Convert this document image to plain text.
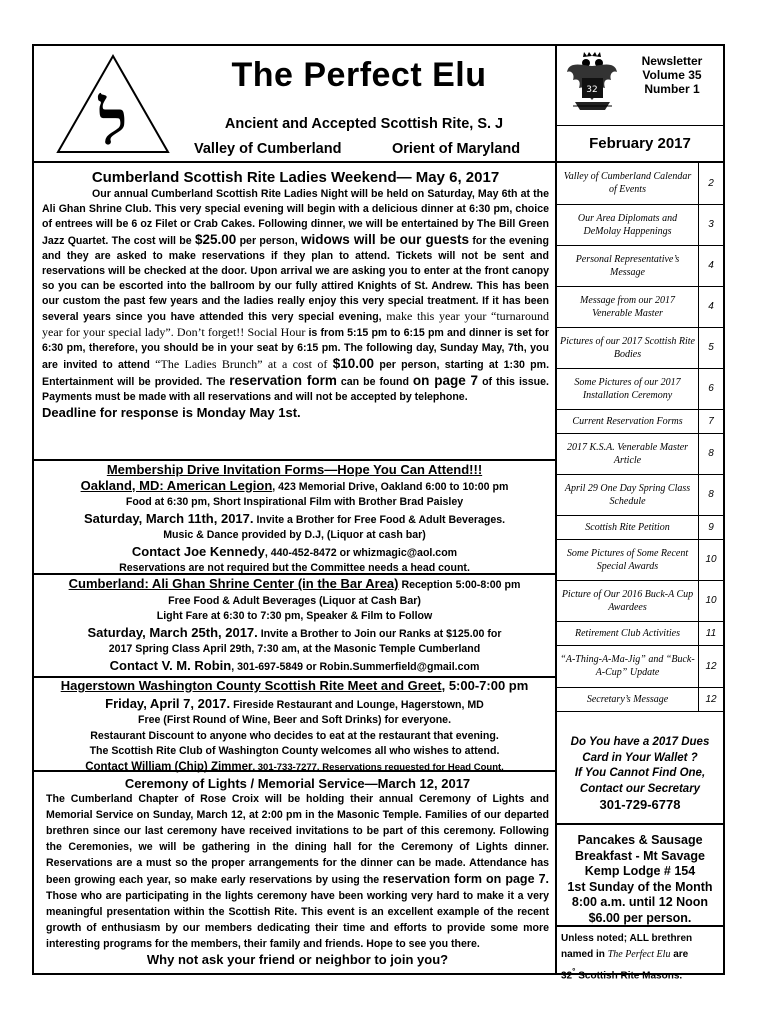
ל
The Perfect Elu
Ancient and Accepted Scottish Rite, S. J
Valley of Cumberland	Orient of Maryland
32
Newsletter
Volume 35
Number 1
February 2017

Cumberland Scottish Rite Ladies Weekend— May 6, 2017

Our annual Cumberland Scottish Rite Ladies Night will be held on Saturday, May 6th at the Ali Ghan Shrine Club. This very special evening will begin with a delicious dinner at 6:30 pm, choice of entrees will be 6 oz Filet or Crab Cakes. Following dinner, we will be entertained by The Bill Green Jazz Quartet. The cost will be $25.00 per person, widows will be our guests for the evening and they are asked to make reservations if they plan to attend. Tickets will not be sent and reservations will be checked at the door. Upon arrival we are asking you to enter at the front canopy so you can be escorted into the ballroom by our fully attired Knights of St. Andrew. This has been our custom the past few years and the ladies really enjoy this very special treatment. If it has been several years since you have attended this very special evening, make this year your “turnaround year for your special lady”. Don’t forget!! Social Hour is from 5:15 pm to 6:15 pm and dinner is set for 6:30 pm, therefore, you should be in your seat by 6:15 pm. The following day, Sunday May, 7th, you are invited to attend “The Ladies Brunch” at a cost of $10.00 per person, starting at 1:30 pm. Entertainment will be provided. The reservation form can be found on page 7 of this issue. Payments must be made with all reservations and will not be accepted by telephone.
Deadline for response is Monday May 1st.
Membership Drive Invitation Forms—Hope You Can Attend!!!
Oakland, MD: American Legion, 423 Memorial Drive, Oakland 6:00 to 10:00 pm
Food at 6:30 pm, Short Inspirational Film with Brother Brad Paisley
Saturday, March 11th, 2017. Invite a Brother for Free Food & Adult Beverages.
Music & Dance provided by D.J, (Liquor at cash bar)
Contact Joe Kennedy, 440-452-8472 or whizmagic@aol.com
Reservations are not required but the Committee needs a head count.
Cumberland: Ali Ghan Shrine Center (in the Bar Area) Reception 5:00-8:00 pm
Free Food & Adult Beverages (Liquor at Cash Bar)
Light Fare at 6:30 to 7:30 pm, Speaker & Film to Follow
Saturday, March 25th, 2017. Invite a Brother to Join our Ranks at $125.00 for
2017 Spring Class April 29th, 7:30 am, at the Masonic Temple Cumberland
Contact V. M. Robin, 301-697-5849 or Robin.Summerfield@gmail.com
Hagerstown Washington County Scottish Rite Meet and Greet, 5:00-7:00 pm
Friday, April 7, 2017. Fireside Restaurant and Lounge, Hagerstown, MD
Free (First Round of Wine, Beer and Soft Drinks) for everyone.
Restaurant Discount to anyone who decides to eat at the restaurant that evening.
The Scottish Rite Club of Washington County welcomes all who wishes to attend.
Contact William (Chip) Zimmer, 301-733-7277. Reservations requested for Head Count.
Ceremony of Lights / Memorial Service—March 12, 2017
The Cumberland Chapter of Rose Croix will be holding their annual Ceremony of Lights and Memorial Service on Sunday, March 12, at 2:00 pm in the Masonic Temple. Families of our departed brethren since our last ceremony have received invitations to be part of this ceremony. Following the Ceremonies, we will be gathering in the dining hall for the Ceremony of Lights dinner. Reservations are a must so the proper arrangements for the dinner can be made. Attendance has been growing each year, so make early reservations by using the reservation form on page 7. Those who are participating in the lights ceremony have been working very hard to make it a very meaningful presentation within the Scottish Rite. This event is an excellent example of the recent growth of enthusiasm by our members dedicating their time and efforts to provide some more interesting programs for the members, their family and friends. Hope to see you there.
Why not ask your friend or neighbor to join you?
Valley of Cumberland Calendar of Events	2
Our Area Diplomats and DeMolay Happenings	3
Personal Representative’s Message	4
Message from our 2017 Venerable Master	4
Pictures of our 2017 Scottish Rite Bodies	5
Some Pictures of our 2017 Installation Ceremony	6
Current Reservation Forms	7
2017 K.S.A. Venerable Master Article	8
April 29 One Day Spring Class Schedule	8
Scottish Rite Petition	9
Some Pictures of Some Recent Special Awards	10
Picture of Our 2016 Buck-A Cup Awardees	10
Retirement Club Activities	11
“A-Thing-A-Ma-Jig” and “Buck-A-Cup” Update	12
Secretary’s Message	12
Do You have a 2017 Dues
Card in Your Wallet ?
If You Cannot Find One,
Contact our Secretary
301-729-6778
Pancakes & Sausage
Breakfast - Mt Savage
Kemp Lodge # 154
1st Sunday of the Month
8:00 a.m. until 12 Noon
$6.00 per person.
Unless noted; ALL brethren named in The Perfect Elu are
32° Scottish Rite Masons.
